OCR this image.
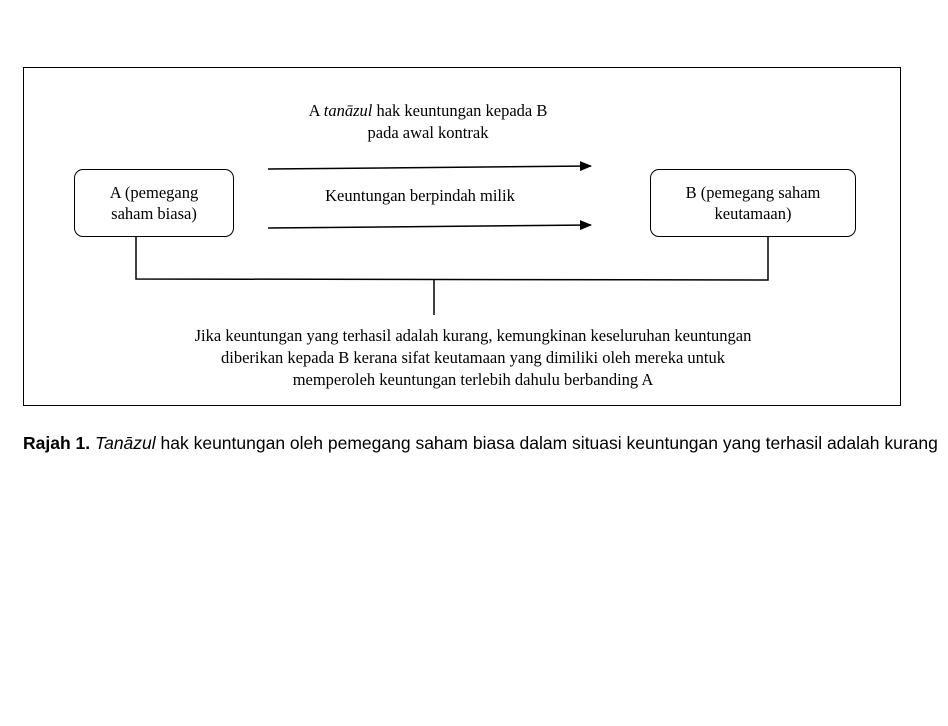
A (pemegang
saham biasa)
B (pemegang saham
keutamaan)
A tanāzul hak keuntungan kepada B
pada awal kontrak
Keuntungan berpindah milik
Jika keuntungan yang terhasil adalah kurang, kemungkinan keseluruhan keuntungan
diberikan kepada B kerana sifat keutamaan yang dimiliki oleh mereka untuk
memperoleh keuntungan terlebih dahulu berbanding A
Rajah 1. Tanāzul hak keuntungan oleh pemegang saham biasa dalam situasi keuntungan yang terhasil adalah kurang
